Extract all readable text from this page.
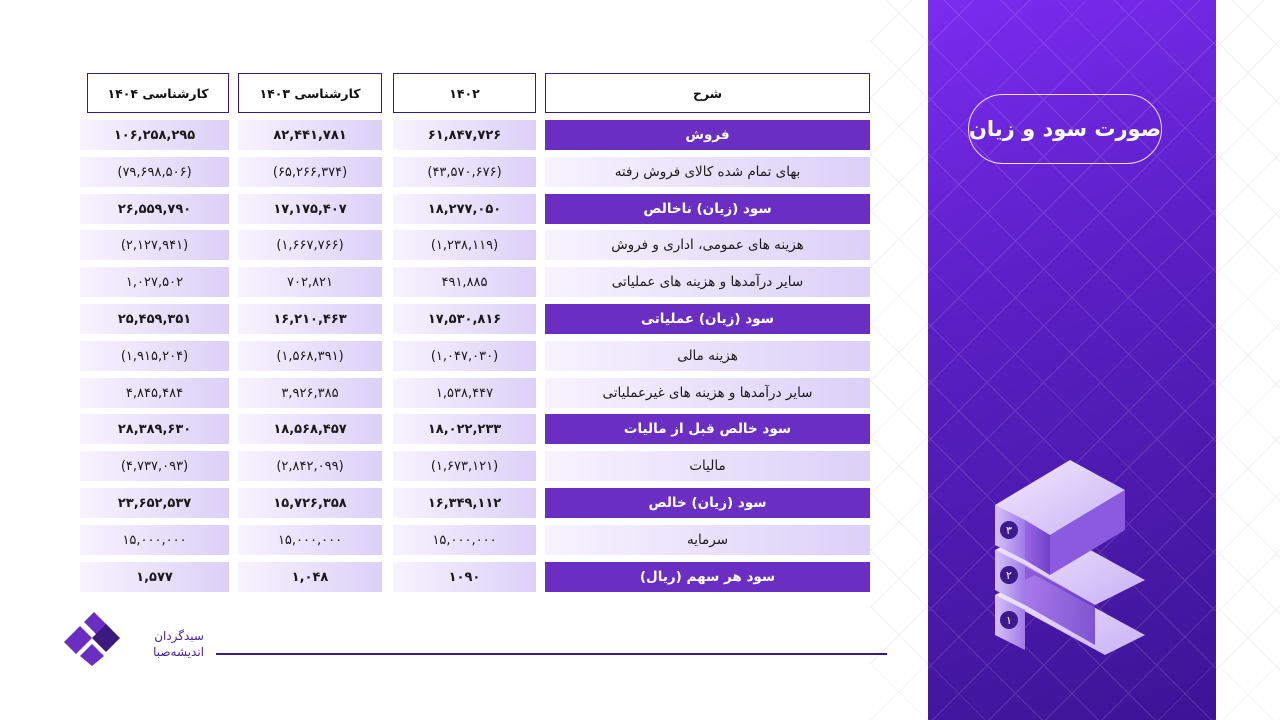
صورت سود و زیان
۳
۲
۱
شرح
۱۴۰۲
کارشناسی ۱۴۰۳
کارشناسی ۱۴۰۴
فروش
۶۱,۸۴۷,۷۲۶
۸۲,۴۴۱,۷۸۱
۱۰۶,۲۵۸,۲۹۵
بهای تمام شده کالای فروش رفته
(۴۳,۵۷۰,۶۷۶)
(۶۵,۲۶۶,۳۷۴)
(۷۹,۶۹۸,۵۰۶)
سود (زیان) ناخالص
۱۸,۲۷۷,۰۵۰
۱۷,۱۷۵,۴۰۷
۲۶,۵۵۹,۷۹۰
هزینه های عمومی، اداری و فروش
(۱,۲۳۸,۱۱۹)
(۱,۶۶۷,۷۶۶)
(۲,۱۲۷,۹۴۱)
سایر درآمدها و هزینه های عملیاتی
۴۹۱,۸۸۵
۷۰۲,۸۲۱
۱,۰۲۷,۵۰۲
سود (زیان) عملیاتی
۱۷,۵۳۰,۸۱۶
۱۶,۲۱۰,۴۶۳
۲۵,۴۵۹,۳۵۱
هزینه مالی
(۱,۰۴۷,۰۳۰)
(۱,۵۶۸,۳۹۱)
(۱,۹۱۵,۲۰۴)
سایر درآمدها و هزینه های غیرعملیاتی
۱,۵۳۸,۴۴۷
۳,۹۲۶,۳۸۵
۴,۸۴۵,۴۸۴
سود خالص قبل از مالیات
۱۸,۰۲۲,۲۳۳
۱۸,۵۶۸,۴۵۷
۲۸,۳۸۹,۶۳۰
مالیات
(۱,۶۷۳,۱۲۱)
(۲,۸۴۲,۰۹۹)
(۴,۷۳۷,۰۹۳)
سود (زیان) خالص
۱۶,۳۴۹,۱۱۲
۱۵,۷۲۶,۳۵۸
۲۳,۶۵۲,۵۳۷
سرمایه
۱۵,۰۰۰,۰۰۰
۱۵,۰۰۰,۰۰۰
۱۵,۰۰۰,۰۰۰
سود هر سهم (ریال)
۱۰۹۰
۱,۰۴۸
۱,۵۷۷
سبدگردان
اندیشه‌صبا
